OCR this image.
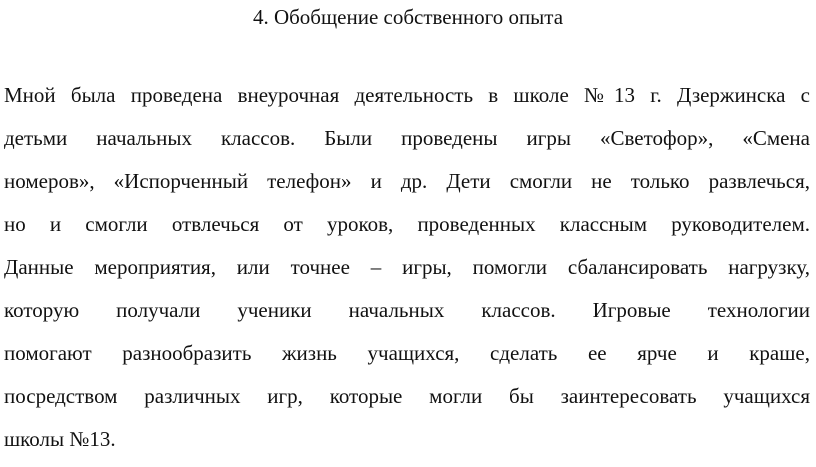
4. Обобщение собственного опыта
Мной была проведена внеурочная деятельность в школе №13 г. Дзержинска с
детьми начальных классов. Были проведены игры «Светофор», «Смена
номеров», «Испорченный телефон» и др. Дети смогли не только развлечься,
но и смогли отвлечься от уроков, проведенных классным руководителем.
Данные мероприятия, или точнее – игры, помогли сбалансировать нагрузку,
которую получали ученики начальных классов. Игровые технологии
помогают разнообразить жизнь учащихся, сделать ее ярче и краше,
посредством различных игр, которые могли бы заинтересовать учащихся
школы №13.
